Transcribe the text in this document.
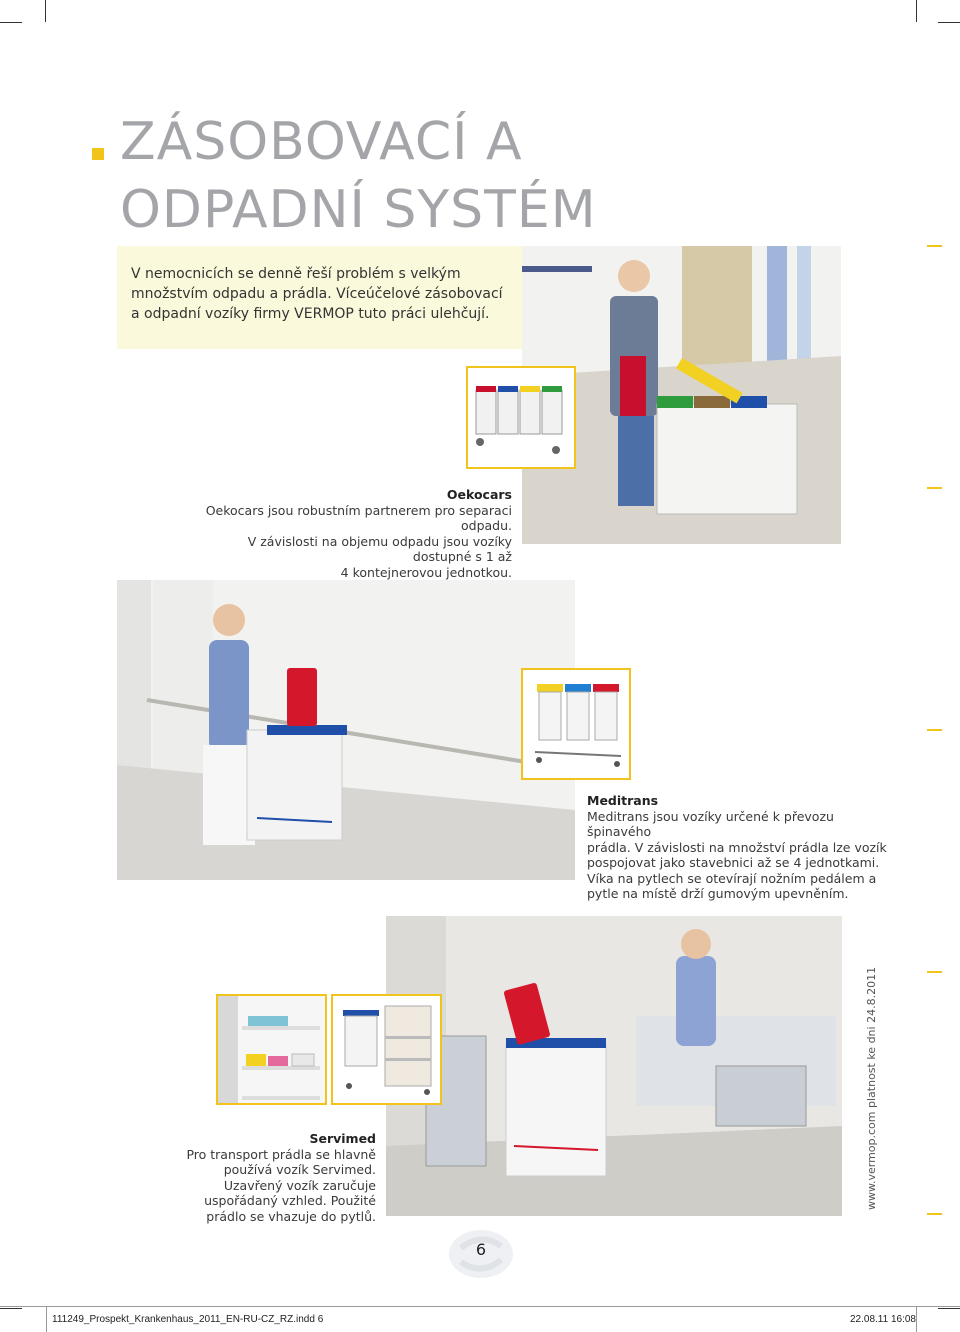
ZÁSOBOVACÍ A
ODPADNÍ SYSTÉM

V nemocnicích se denně řeší problém s velkým množstvím odpadu a prádla. Víceúčelové zásobovací a odpadní vozíky firmy VERMOP tuto práci ulehčují.

Oekocars
Oekocars jsou robustním partnerem pro separaci odpadu.
V závislosti na objemu odpadu jsou vozíky dostupné s 1 až
4 kontejnerovou jednotkou.
Meditrans
Meditrans jsou vozíky určené k převozu špinavého
prádla. V závislosti na množství prádla lze vozík
pospojovat jako stavebnici až se 4 jednotkami.
Víka na pytlech se otevírají nožním pedálem a
pytle na místě drží gumovým upevněním.
Servimed
Pro transport prádla se hlavně
používá vozík Servimed.
Uzavřený vozík zaručuje
uspořádaný vzhled. Použité
prádlo se vhazuje do pytlů.
www.vermop.com
platnost ke dni 24.8.2011
6
111249_Prospekt_Krankenhaus_2011_EN-RU-CZ_RZ.indd 6	22.08.11 16:08
